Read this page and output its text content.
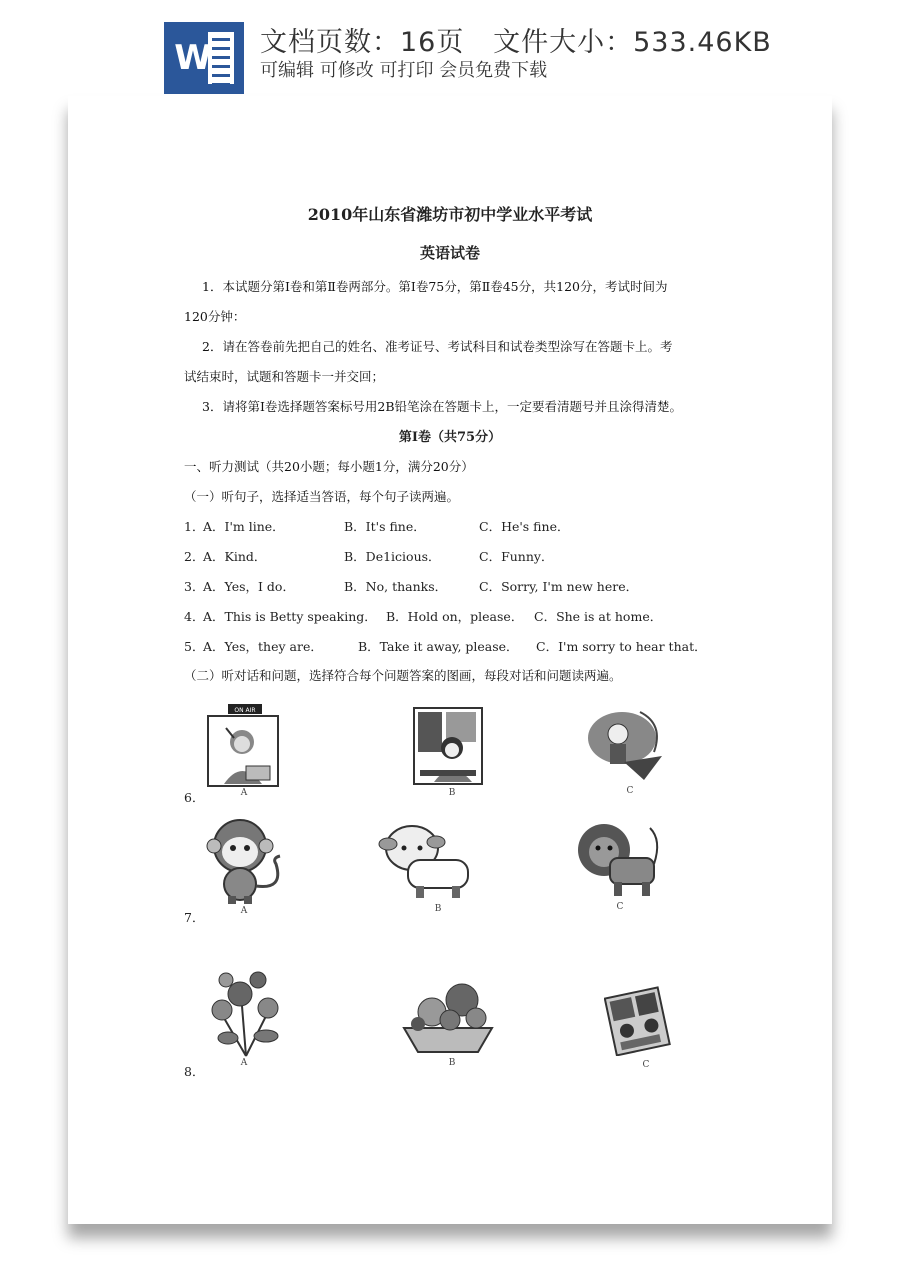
W 文档页数：16页   文件大小：533.46KB
可编辑 可修改 可打印 会员免费下载
2010年山东省潍坊市初中学业水平考试
英语试卷
1．本试题分第Ⅰ卷和第Ⅱ卷两部分。第Ⅰ卷75分，第Ⅱ卷45分，共120分，考试时间为
120分钟：
2．请在答卷前先把自己的姓名、准考证号、考试科目和试卷类型涂写在答题卡上。考
试结束时，试题和答题卡一并交回；
3．请将第Ⅰ卷选择题答案标号用2B铅笔涂在答题卡上，一定要看清题号并且涂得清楚。
第Ⅰ卷（共75分）
一、听力测试（共20小题；每小题1分，满分20分）
（一）听句子，选择适当答语，每个句子读两遍。
1．
A．I'm line．	B．It's fine．	C．He's fine．
2．
A．Kind．	B．De1icious．	C．Funny．
3．
A．Yes，I do．	B．No, thanks．	C．Sorry, I'm new here．
4．
A．This is Betty speaking． B．Hold on，please． C．She is at home．
5．
A．Yes，they are．	B．Take it away, please． C．I'm sorry to hear that．
（二）听对话和问题，选择符合每个问题答案的图画，每段对话和问题读两遍。
6．
ON AIR
A	B	C
7．	A	B	C
8．
A	B	C
